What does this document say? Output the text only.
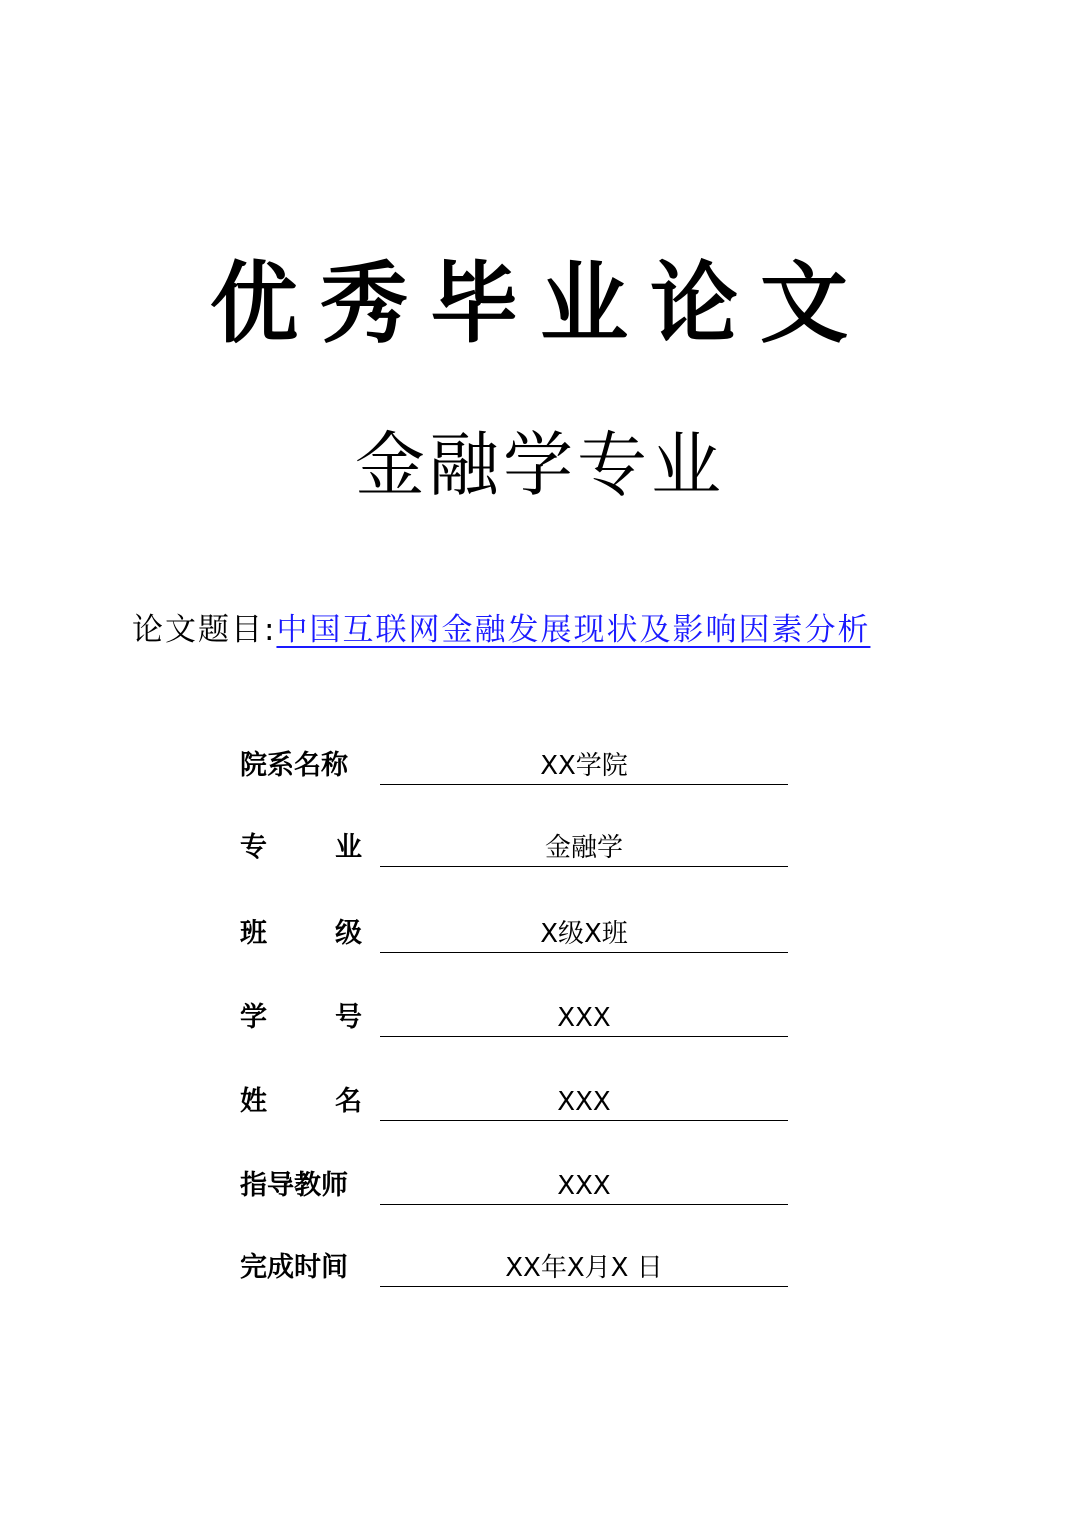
优秀毕业论文
金融学专业
论文题目:中国互联网金融发展现状及影响因素分析
院系名称	XX学院
专	业	金融学
班	级	X级X班
学	号	XXX
姓	名	XXX
指导教师	XXX
完成时间	XX年X月X 日
